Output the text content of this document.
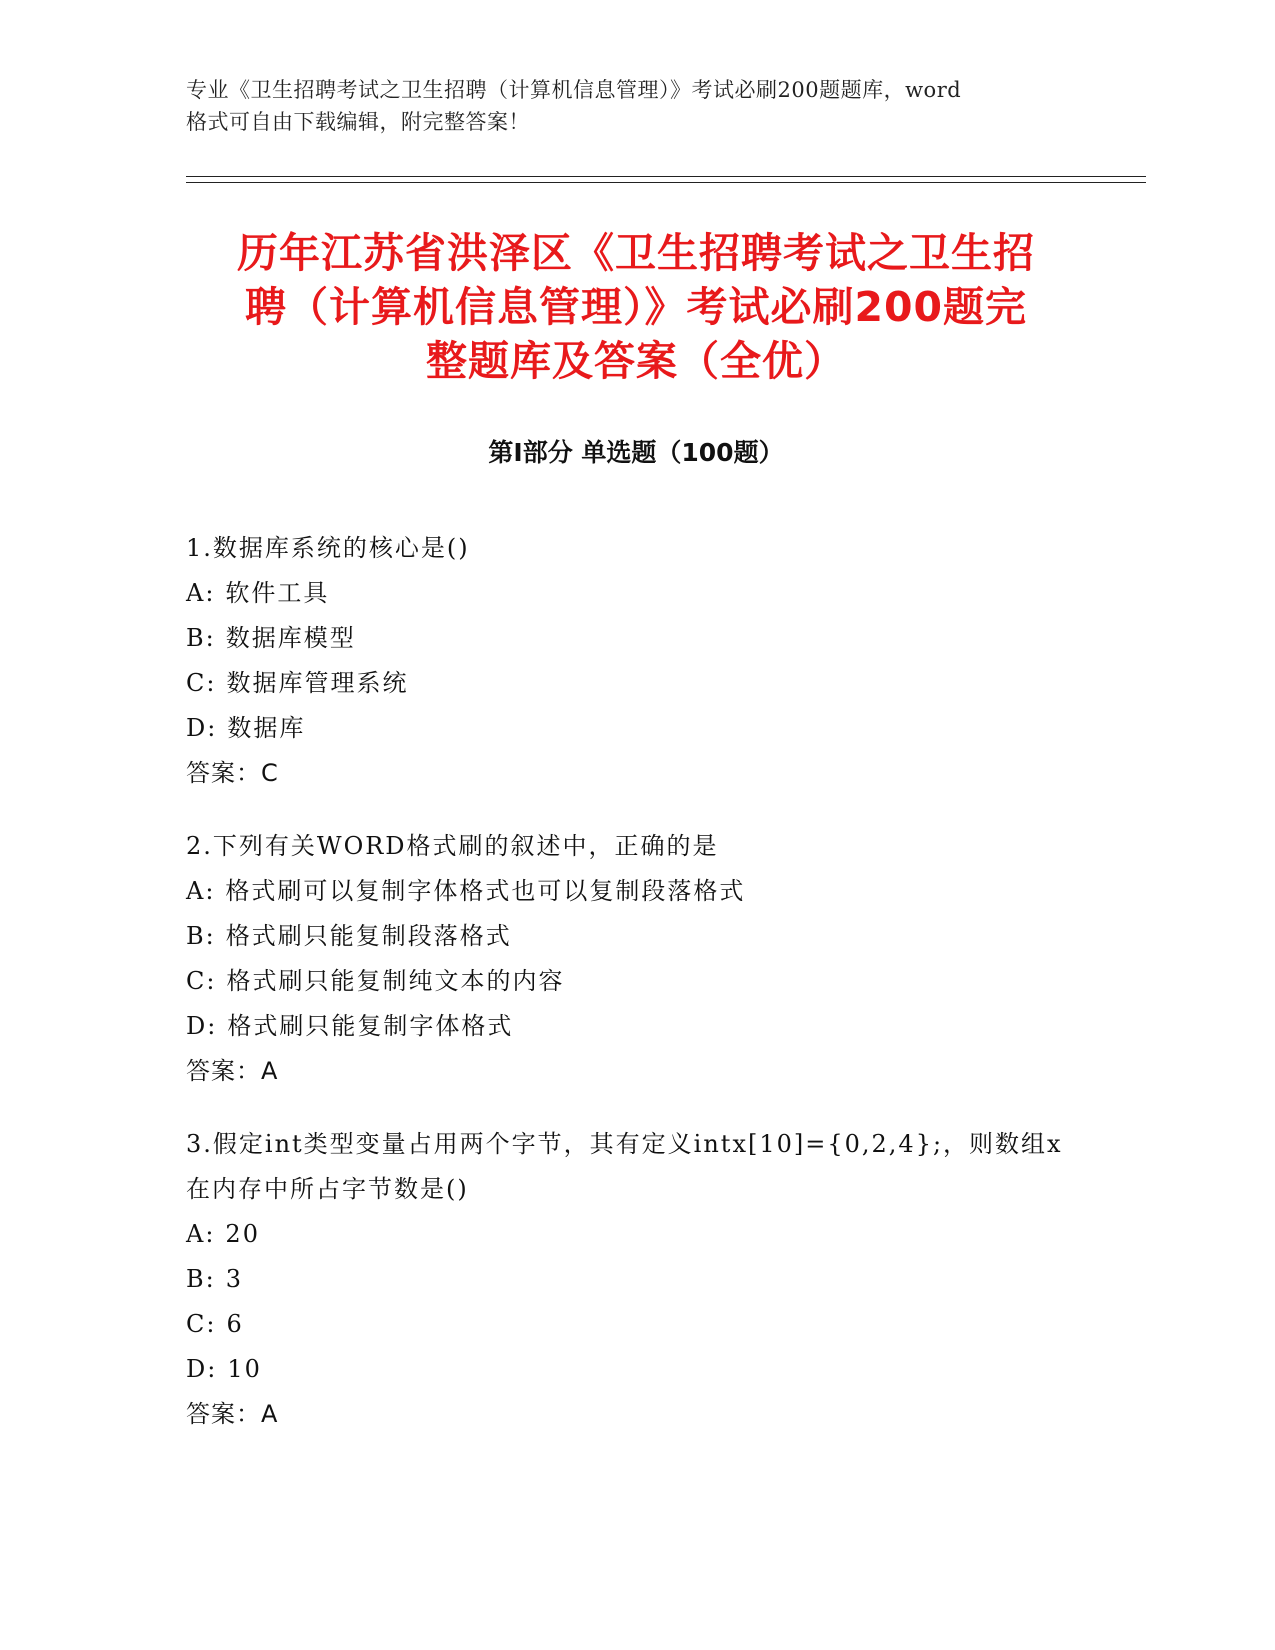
专业《卫生招聘考试之卫生招聘（计算机信息管理）》考试必刷200题题库，word
格式可自由下载编辑，附完整答案！
历年江苏省洪泽区《卫生招聘考试之卫生招
聘（计算机信息管理）》考试必刷200题完
整题库及答案（全优）
第Ⅰ部分 单选题（100题）

1.数据库系统的核心是()

A: 软件工具

B: 数据库模型

C: 数据库管理系统

D: 数据库

答案：C

2.下列有关WORD格式刷的叙述中，正确的是

A: 格式刷可以复制字体格式也可以复制段落格式

B: 格式刷只能复制段落格式

C: 格式刷只能复制纯文本的内容

D: 格式刷只能复制字体格式

答案：A

3.假定int类型变量占用两个字节，其有定义intx[10]={0,2,4};，则数组x在内存中所占字节数是()

A: 20

B: 3

C: 6

D: 10

答案：A
